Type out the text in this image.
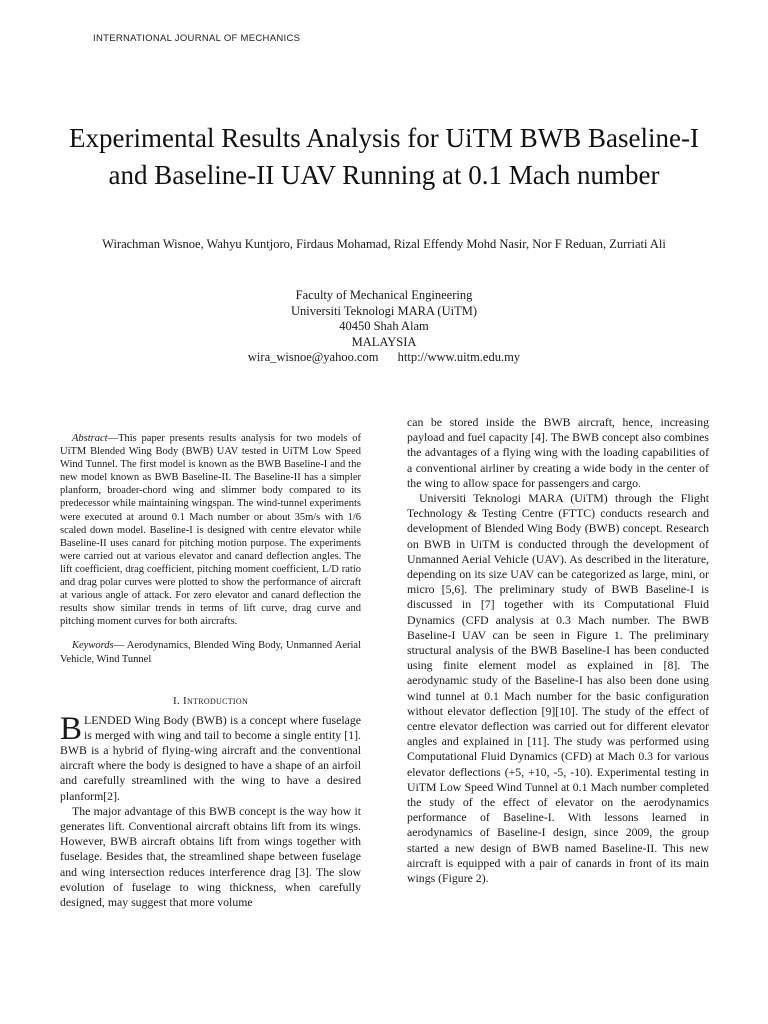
INTERNATIONAL JOURNAL OF MECHANICS
Experimental Results Analysis for UiTM BWB Baseline-I and Baseline-II UAV Running at 0.1 Mach number
Wirachman Wisnoe, Wahyu Kuntjoro, Firdaus Mohamad, Rizal Effendy Mohd Nasir, Nor F Reduan, Zurriati Ali
Faculty of Mechanical Engineering
Universiti Teknologi MARA (UiTM)
40450 Shah Alam
MALAYSIA
wira_wisnoe@yahoo.com http://www.uitm.edu.my

Abstract—This paper presents results analysis for two models of UiTM Blended Wing Body (BWB) UAV tested in UiTM Low Speed Wind Tunnel. The first model is known as the BWB Baseline-I and the new model known as BWB Baseline-II. The Baseline-II has a simpler planform, broader-chord wing and slimmer body compared to its predecessor while maintaining wingspan. The wind-tunnel experiments were executed at around 0.1 Mach number or about 35m/s with 1/6 scaled down model. Baseline-I is designed with centre elevator while Baseline-II uses canard for pitching motion purpose. The experiments were carried out at various elevator and canard deflection angles. The lift coefficient, drag coefficient, pitching moment coefficient, L/D ratio and drag polar curves were plotted to show the performance of aircraft at various angle of attack. For zero elevator and canard deflection the results show similar trends in terms of lift curve, drag curve and pitching moment curves for both aircrafts.

Keywords— Aerodynamics, Blended Wing Body, Unmanned Aerial Vehicle, Wind Tunnel

I. Introduction

BLENDED Wing Body (BWB) is a concept where fuselage is merged with wing and tail to become a single entity [1]. BWB is a hybrid of flying-wing aircraft and the conventional aircraft where the body is designed to have a shape of an airfoil and carefully streamlined with the wing to have a desired planform[2].

The major advantage of this BWB concept is the way how it generates lift. Conventional aircraft obtains lift from its wings. However, BWB aircraft obtains lift from wings together with fuselage. Besides that, the streamlined shape between fuselage and wing intersection reduces interference drag [3]. The slow evolution of fuselage to wing thickness, when carefully designed, may suggest that more volume

can be stored inside the BWB aircraft, hence, increasing payload and fuel capacity [4]. The BWB concept also combines the advantages of a flying wing with the loading capabilities of a conventional airliner by creating a wide body in the center of the wing to allow space for passengers and cargo.

Universiti Teknologi MARA (UiTM) through the Flight Technology & Testing Centre (FTTC) conducts research and development of Blended Wing Body (BWB) concept. Research on BWB in UiTM is conducted through the development of Unmanned Aerial Vehicle (UAV). As described in the literature, depending on its size UAV can be categorized as large, mini, or micro [5,6]. The preliminary study of BWB Baseline-I is discussed in [7] together with its Computational Fluid Dynamics (CFD analysis at 0.3 Mach number. The BWB Baseline-I UAV can be seen in Figure 1. The preliminary structural analysis of the BWB Baseline-I has been conducted using finite element model as explained in [8]. The aerodynamic study of the Baseline-I has also been done using wind tunnel at 0.1 Mach number for the basic configuration without elevator deflection [9][10]. The study of the effect of centre elevator deflection was carried out for different elevator angles and explained in [11]. The study was performed using Computational Fluid Dynamics (CFD) at Mach 0.3 for various elevator deflections (+5, +10, -5, -10). Experimental testing in UiTM Low Speed Wind Tunnel at 0.1 Mach number completed the study of the effect of elevator on the aerodynamics performance of Baseline-I. With lessons learned in aerodynamics of Baseline-I design, since 2009, the group started a new design of BWB named Baseline-II. This new aircraft is equipped with a pair of canards in front of its main wings (Figure 2).
